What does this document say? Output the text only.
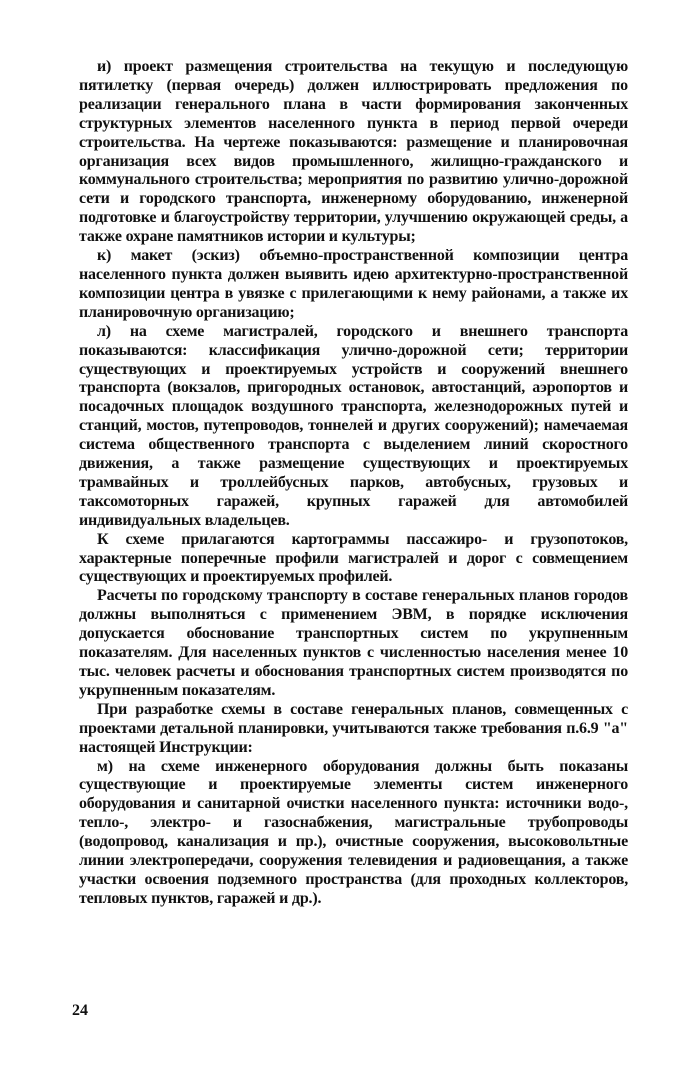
и) проект размещения строительства на текущую и последующую пятилетку (первая очередь) должен иллюстрировать предложения по реализации генерального плана в части формирования законченных структурных элементов населенного пункта в период первой очереди строительства. На чертеже показываются: размещение и планировочная организация всех видов промышленного, жилищно-гражданского и коммунального строительства; мероприятия по развитию улично-дорожной сети и городского транспорта, инженерному оборудованию, инженерной подготовке и благоустройству территории, улучшению окружающей среды, а также охране памятников истории и культуры;

к) макет (эскиз) объемно-пространственной композиции центра населенного пункта должен выявить идею архитектурно-пространственной композиции центра в увязке с прилегающими к нему районами, а также их планировочную организацию;

л) на схеме магистралей, городского и внешнего транспорта показываются: классификация улично-дорожной сети; территории существующих и проектируемых устройств и сооружений внешнего транспорта (вокзалов, пригородных остановок, автостанций, аэропортов и посадочных площадок воздушного транспорта, железнодорожных путей и станций, мостов, путепроводов, тоннелей и других сооружений); намечаемая система общественного транспорта с выделением линий скоростного движения, а также размещение существующих и проектируемых трамвайных и троллейбусных парков, автобусных, грузовых и таксомоторных гаражей, крупных гаражей для автомобилей индивидуальных владельцев.

К схеме прилагаются картограммы пассажиро- и грузопотоков, характерные поперечные профили магистралей и дорог с совмещением существующих и проектируемых профилей.

Расчеты по городскому транспорту в составе генеральных планов городов должны выполняться с применением ЭВМ, в порядке исключения допускается обоснование транспортных систем по укрупненным показателям. Для населенных пунктов с численностью населения менее 10 тыс. человек расчеты и обоснования транспортных систем производятся по укрупненным показателям.

При разработке схемы в составе генеральных планов, совмещенных с проектами детальной планировки, учитываются также требования п.6.9 "а" настоящей Инструкции:

м) на схеме инженерного оборудования должны быть показаны существующие и проектируемые элементы систем инженерного оборудования и санитарной очистки населенного пункта: источники водо-, тепло-, электро- и газоснабжения, магистральные трубопроводы (водопровод, канализация и пр.), очистные сооружения, высоковольтные линии электропередачи, сооружения телевидения и радиовещания, а также участки освоения подземного пространства (для проходных коллекторов, тепловых пунктов, гаражей и др.).

24
